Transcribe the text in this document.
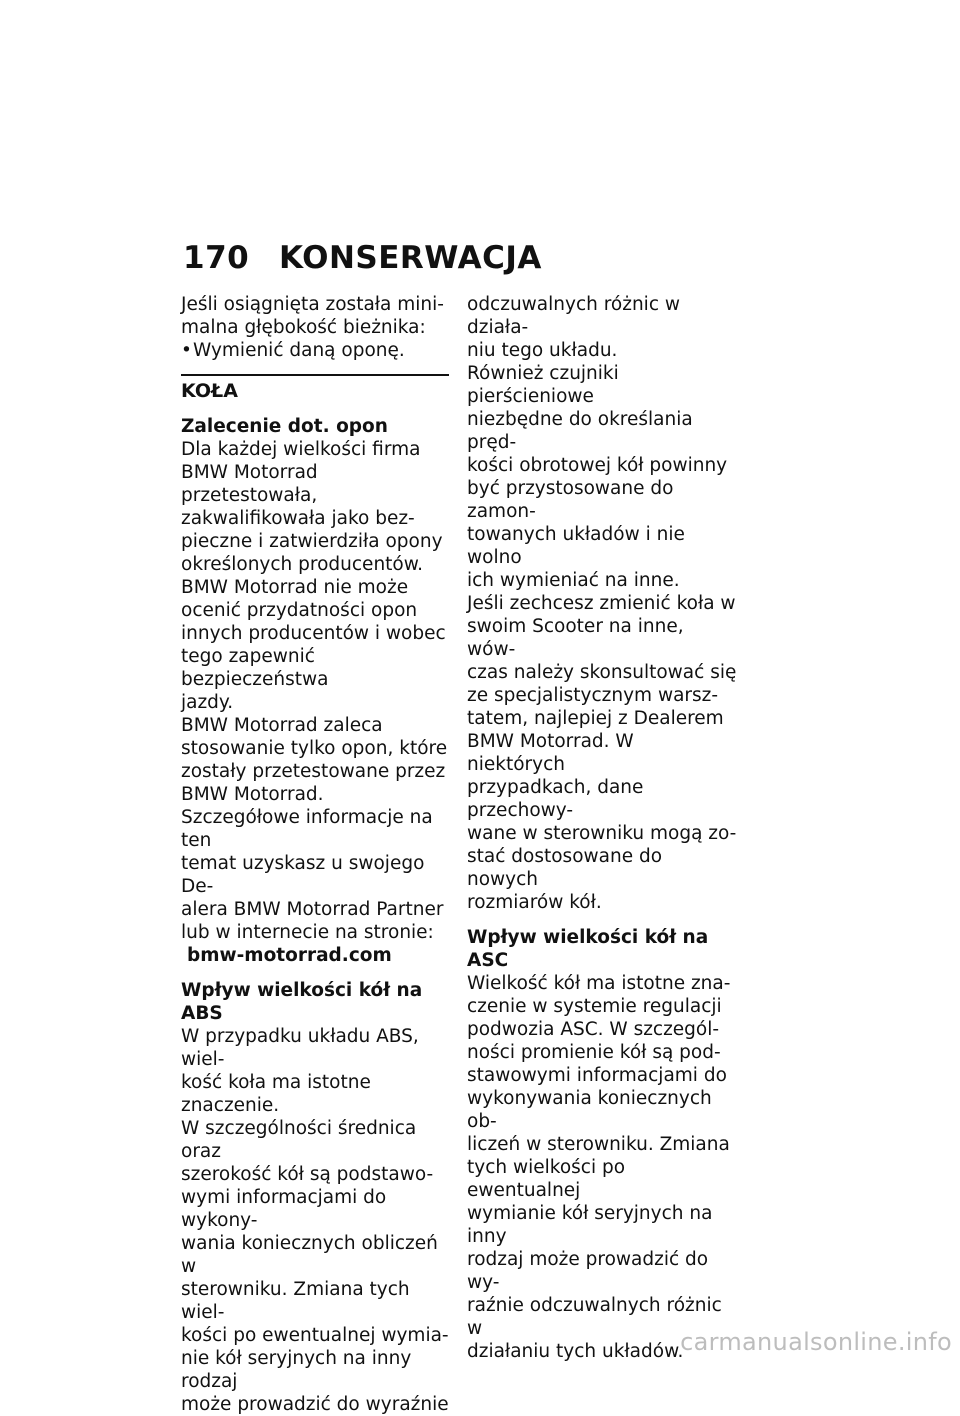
170 KONSERWACJA

Jeśli osiągnięta została mini-

malna głębokość bieżnika:

• Wymienić daną oponę.

KOŁA

Zalecenie dot. opon

Dla każdej wielkości firma

BMW Motorrad przetestowała,

zakwalifikowała jako bez-

pieczne i zatwierdziła opony

określonych producentów.

BMW Motorrad nie może

ocenić przydatności opon

innych producentów i wobec

tego zapewnić bezpieczeństwa

jazdy.

BMW Motorrad zaleca

stosowanie tylko opon, które

zostały przetestowane przez

BMW Motorrad.

Szczegółowe informacje na ten

temat uzyskasz u swojego De-

alera BMW Motorrad Partner

lub w internecie na stronie:

bmw-motorrad.com

Wpływ wielkości kół na ABS

W przypadku układu ABS, wiel-

kość koła ma istotne znaczenie.

W szczególności średnica oraz

szerokość kół są podstawo-

wymi informacjami do wykony-

wania koniecznych obliczeń w

sterowniku. Zmiana tych wiel-

kości po ewentualnej wymia-

nie kół seryjnych na inny rodzaj

może prowadzić do wyraźnie

odczuwalnych różnic w działa-

niu tego układu.

Również czujniki pierścieniowe

niezbędne do określania pręd-

kości obrotowej kół powinny

być przystosowane do zamon-

towanych układów i nie wolno

ich wymieniać na inne.

Jeśli zechcesz zmienić koła w

swoim Scooter na inne, wów-

czas należy skonsultować się

ze specjalistycznym warsz-

tatem, najlepiej z Dealerem

BMW Motorrad. W niektórych

przypadkach, dane przechowy-

wane w sterowniku mogą zo-

stać dostosowane do nowych

rozmiarów kół.

Wpływ wielkości kół na ASC

Wielkość kół ma istotne zna-

czenie w systemie regulacji

podwozia ASC. W szczegól-

ności promienie kół są pod-

stawowymi informacjami do

wykonywania koniecznych ob-

liczeń w sterowniku. Zmiana

tych wielkości po ewentualnej

wymianie kół seryjnych na inny

rodzaj może prowadzić do wy-

raźnie odczuwalnych różnic w

działaniu tych układów.

carmanualsonline.info
